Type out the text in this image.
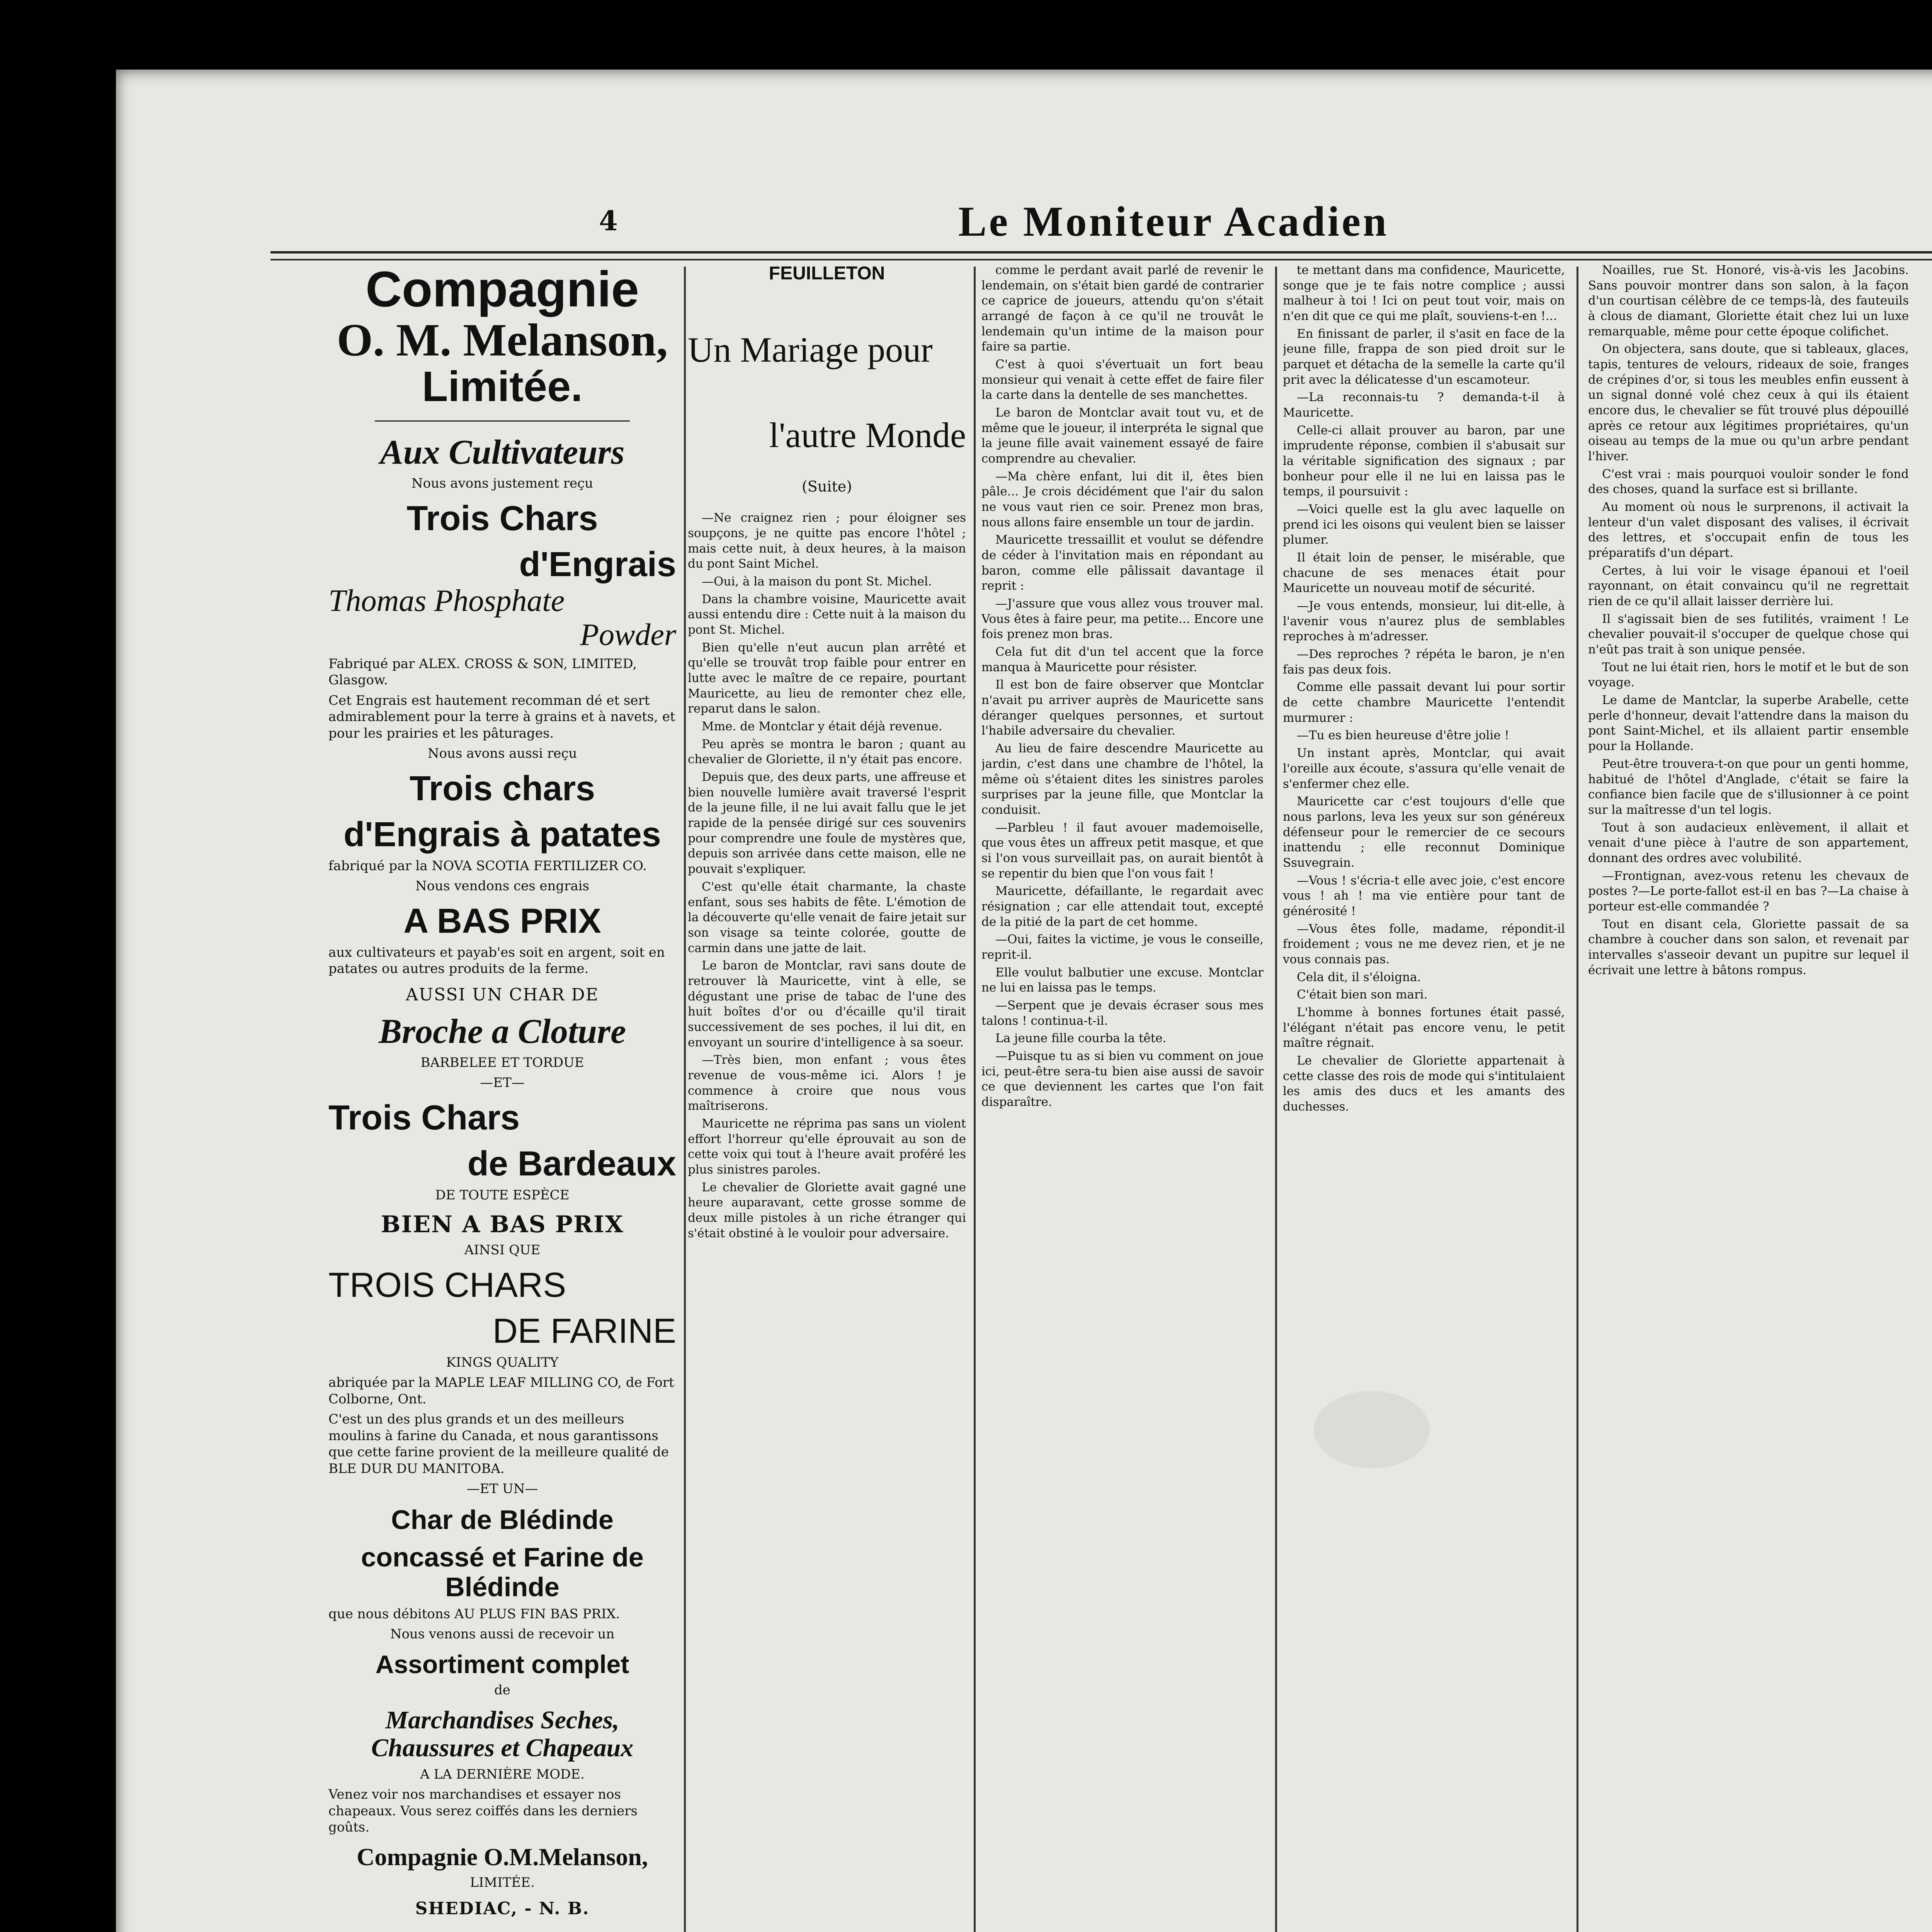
4	Le Moniteur Acadien
Compagnie
O. M. Melanson,
Limitée.
Aux Cultivateurs
Nous avons justement reçu
Trois Chars
d'Engrais
Thomas Phosphate
Powder
Fabriqué par ALEX. CROSS & SON, LIMITED, Glasgow.
Cet Engrais est hautement recomman dé et sert admirablement pour la terre à grains et à navets, et pour les prairies et les pâturages.
Nous avons aussi reçu
Trois chars
d'Engrais à patates
fabriqué par la NOVA SCOTIA FERTILIZER CO.
Nous vendons ces engrais
A BAS PRIX
aux cultivateurs et payab'es soit en argent, soit en patates ou autres produits de la ferme.
AUSSI UN CHAR DE
Broche a Cloture
BARBELEE ET TORDUE
—ET—
Trois Chars
de Bardeaux
DE TOUTE ESPÈCE
BIEN A BAS PRIX
AINSI QUE
TROIS CHARS
DE FARINE
KINGS QUALITY
abriquée par la MAPLE LEAF MILLING CO, de Fort Colborne, Ont.
C'est un des plus grands et un des meilleurs moulins à farine du Canada, et nous garantissons que cette farine provient de la meilleure qualité de BLE DUR DU MANITOBA.
—ET UN—
Char de Blédinde
concassé et Farine de Blédinde
que nous débitons AU PLUS FIN BAS PRIX.
Nous venons aussi de recevoir un
Assortiment complet
de
Marchandises Seches, Chaussures et Chapeaux
A LA DERNIÈRE MODE.
Venez voir nos marchandises et essayer nos chapeaux. Vous serez coiffés dans les derniers goûts.
Compagnie O.M.Melanson,
LIMITÉE.
SHEDIAC, - N. B.
FEUILLETON
Un Mariage pour
l'autre Monde
(Suite)

—Ne craignez rien ; pour éloigner ses soupçons, je ne quitte pas encore l'hôtel ; mais cette nuit, à deux heures, à la maison du pont Saint Michel.

—Oui, à la maison du pont St. Michel.

Dans la chambre voisine, Mauricette avait aussi entendu dire : Cette nuit à la maison du pont St. Michel.

Bien qu'elle n'eut aucun plan arrêté et qu'elle se trouvât trop faible pour entrer en lutte avec le maître de ce repaire, pourtant Mauricette, au lieu de remonter chez elle, reparut dans le salon.

Mme. de Montclar y était déjà revenue.

Peu après se montra le baron ; quant au chevalier de Gloriette, il n'y était pas encore.

Depuis que, des deux parts, une affreuse et bien nouvelle lumière avait traversé l'esprit de la jeune fille, il ne lui avait fallu que le jet rapide de la pensée dirigé sur ces souvenirs pour comprendre une foule de mystères que, depuis son arrivée dans cette maison, elle ne pouvait s'expliquer.

C'est qu'elle était charmante, la chaste enfant, sous ses habits de fête. L'émotion de la découverte qu'elle venait de faire jetait sur son visage sa teinte colorée, goutte de carmin dans une jatte de lait.

Le baron de Montclar, ravi sans doute de retrouver là Mauricette, vint à elle, se dégustant une prise de tabac de l'une des huit boîtes d'or ou d'écaille qu'il tirait successivement de ses poches, il lui dit, en envoyant un sourire d'intelligence à sa soeur.

—Très bien, mon enfant ; vous êtes revenue de vous-même ici. Alors ! je commence à croire que nous vous maîtriserons.

Mauricette ne réprima pas sans un violent effort l'horreur qu'elle éprouvait au son de cette voix qui tout à l'heure avait proféré les plus sinistres paroles.

Le chevalier de Gloriette avait gagné une heure auparavant, cette grosse somme de deux mille pistoles à un riche étranger qui s'était obstiné à le vouloir pour adversaire.

comme le perdant avait parlé de revenir le lendemain, on s'était bien gardé de contrarier ce caprice de joueurs, attendu qu'on s'était arrangé de façon à ce qu'il ne trouvât le lendemain qu'un intime de la maison pour faire sa partie.

C'est à quoi s'évertuait un fort beau monsieur qui venait à cette effet de faire filer la carte dans la dentelle de ses manchettes.

Le baron de Montclar avait tout vu, et de même que le joueur, il interpréta le signal que la jeune fille avait vainement essayé de faire comprendre au chevalier.

—Ma chère enfant, lui dit il, êtes bien pâle... Je crois décidément que l'air du salon ne vous vaut rien ce soir. Prenez mon bras, nous allons faire ensemble un tour de jardin.

Mauricette tressaillit et voulut se défendre de céder à l'invitation mais en répondant au baron, comme elle pâlissait davantage il reprit :

—J'assure que vous allez vous trouver mal. Vous êtes à faire peur, ma petite... Encore une fois prenez mon bras.

Cela fut dit d'un tel accent que la force manqua à Mauricette pour résister.

Il est bon de faire observer que Montclar n'avait pu arriver auprès de Mauricette sans déranger quelques personnes, et surtout l'habile adversaire du chevalier.

Au lieu de faire descendre Mauricette au jardin, c'est dans une chambre de l'hôtel, la même où s'étaient dites les sinistres paroles surprises par la jeune fille, que Montclar la conduisit.

—Parbleu ! il faut avouer mademoiselle, que vous êtes un affreux petit masque, et que si l'on vous surveillait pas, on aurait bientôt à se repentir du bien que l'on vous fait !

Mauricette, défaillante, le regardait avec résignation ; car elle attendait tout, excepté de la pitié de la part de cet homme.

—Oui, faites la victime, je vous le conseille, reprit-il.

Elle voulut balbutier une excuse. Montclar ne lui en laissa pas le temps.

—Serpent que je devais écraser sous mes talons ! continua-t-il.

La jeune fille courba la tête.

—Puisque tu as si bien vu comment on joue ici, peut-être sera-tu bien aise aussi de savoir ce que deviennent les cartes que l'on fait disparaître.

te mettant dans ma confidence, Mauricette, songe que je te fais notre complice ; aussi malheur à toi ! Ici on peut tout voir, mais on n'en dit que ce qui me plaît, souviens-t-en !...

En finissant de parler, il s'asit en face de la jeune fille, frappa de son pied droit sur le parquet et détacha de la semelle la carte qu'il prit avec la délicatesse d'un escamoteur.

—La reconnais-tu ? demanda-t-il à Mauricette.

Celle-ci allait prouver au baron, par une imprudente réponse, combien il s'abusait sur la véritable signification des signaux ; par bonheur pour elle il ne lui en laissa pas le temps, il poursuivit :

—Voici quelle est la glu avec laquelle on prend ici les oisons qui veulent bien se laisser plumer.

Il était loin de penser, le misérable, que chacune de ses menaces était pour Mauricette un nouveau motif de sécurité.

—Je vous entends, monsieur, lui dit-elle, à l'avenir vous n'aurez plus de semblables reproches à m'adresser.

—Des reproches ? répéta le baron, je n'en fais pas deux fois.

Comme elle passait devant lui pour sortir de cette chambre Mauricette l'entendit murmurer :

—Tu es bien heureuse d'être jolie !

Un instant après, Montclar, qui avait l'oreille aux écoute, s'assura qu'elle venait de s'enfermer chez elle.

Mauricette car c'est toujours d'elle que nous parlons, leva les yeux sur son généreux défenseur pour le remercier de ce secours inattendu ; elle reconnut Dominique Ssuvegrain.

—Vous ! s'écria-t elle avec joie, c'est encore vous ! ah ! ma vie entière pour tant de générosité !

—Vous êtes folle, madame, répondit-il froidement ; vous ne me devez rien, et je ne vous connais pas.

Cela dit, il s'éloigna.

C'était bien son mari.

L'homme à bonnes fortunes était passé, l'élégant n'était pas encore venu, le petit maître régnait.

Le chevalier de Gloriette appartenait à cette classe des rois de mode qui s'intitulaient les amis des ducs et les amants des duchesses.

Noailles, rue St. Honoré, vis-à-vis les Jacobins. Sans pouvoir montrer dans son salon, à la façon d'un courtisan célèbre de ce temps-là, des fauteuils à clous de diamant, Gloriette était chez lui un luxe remarquable, même pour cette époque colifichet.

On objectera, sans doute, que si tableaux, glaces, tapis, tentures de velours, rideaux de soie, franges de crépines d'or, si tous les meubles enfin eussent à un signal donné volé chez ceux à qui ils étaient encore dus, le chevalier se fût trouvé plus dépouillé après ce retour aux légitimes propriétaires, qu'un oiseau au temps de la mue ou qu'un arbre pendant l'hiver.

C'est vrai : mais pourquoi vouloir sonder le fond des choses, quand la surface est si brillante.

Au moment où nous le surprenons, il activait la lenteur d'un valet disposant des valises, il écrivait des lettres, et s'occupait enfin de tous les préparatifs d'un départ.

Certes, à lui voir le visage épanoui et l'oeil rayonnant, on était convaincu qu'il ne regrettait rien de ce qu'il allait laisser derrière lui.

Il s'agissait bien de ses futilités, vraiment ! Le chevalier pouvait-il s'occuper de quelque chose qui n'eût pas trait à son unique pensée.

Tout ne lui était rien, hors le motif et le but de son voyage.

Le dame de Mantclar, la superbe Arabelle, cette perle d'honneur, devait l'attendre dans la maison du pont Saint-Michel, et ils allaient partir ensemble pour la Hollande.

Peut-être trouvera-t-on que pour un genti homme, habitué de l'hôtel d'Anglade, c'était se faire la confiance bien facile que de s'illusionner à ce point sur la maîtresse d'un tel logis.

Tout à son audacieux enlèvement, il allait et venait d'une pièce à l'autre de son appartement, donnant des ordres avec volubilité.

—Frontignan, avez-vous retenu les chevaux de postes ?—Le porte-fallot est-il en bas ?—La chaise à porteur est-elle commandée ?

Tout en disant cela, Gloriette passait de sa chambre à coucher dans son salon, et revenait par intervalles s'asseoir devant un pupitre sur lequel il écrivait une lettre à bâtons rompus.
